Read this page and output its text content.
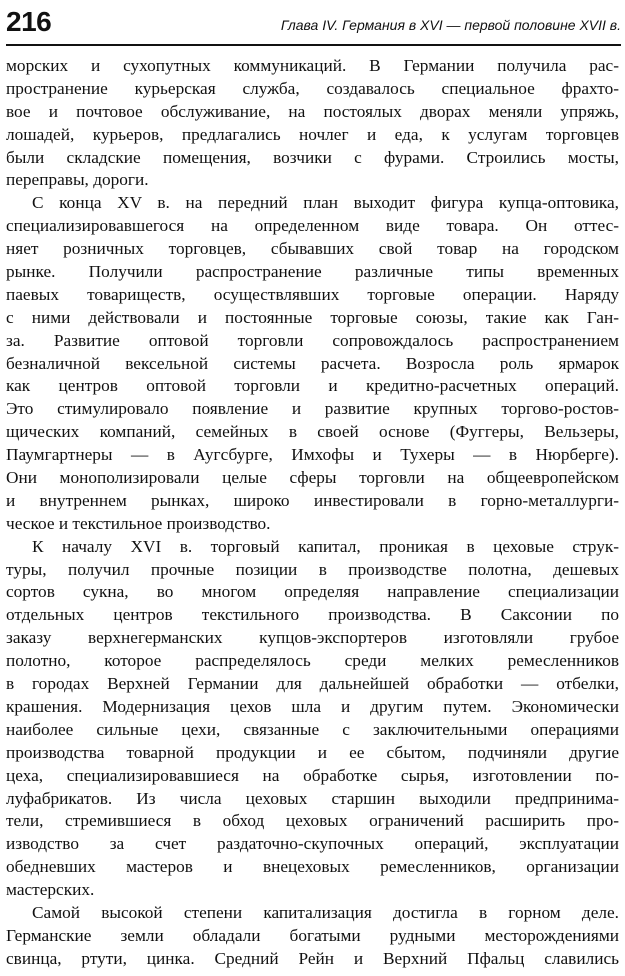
216	Глава IV. Германия в XVI — первой половине XVII в.
морских и сухопутных коммуникаций. В Германии получила рас-
пространение курьерская служба, создавалось специальное фрахто-
вое и почтовое обслуживание, на постоялых дворах меняли упряжь,
лошадей, курьеров, предлагались ночлег и еда, к услугам торговцев
были складские помещения, возчики с фурами. Строились мосты,
переправы, дороги.
С конца XV в. на передний план выходит фигура купца-оптовика,
специализировавшегося на определенном виде товара. Он оттес-
няет розничных торговцев, сбывавших свой товар на городском
рынке. Получили распространение различные типы временных
паевых товариществ, осуществлявших торговые операции. Наряду
с ними действовали и постоянные торговые союзы, такие как Ган-
за. Развитие оптовой торговли сопровождалось распространением
безналичной вексельной системы расчета. Возросла роль ярмарок
как центров оптовой торговли и кредитно-расчетных операций.
Это стимулировало появление и развитие крупных торгово-ростов-
щических компаний, семейных в своей основе (Фуггеры, Вельзеры,
Паумгартнеры — в Аугсбурге, Имхофы и Тухеры — в Нюрберге).
Они монополизировали целые сферы торговли на общеевропейском
и внутреннем рынках, широко инвестировали в горно-металлурги-
ческое и текстильное производство.
К началу XVI в. торговый капитал, проникая в цеховые струк-
туры, получил прочные позиции в производстве полотна, дешевых
сортов сукна, во многом определяя направление специализации
отдельных центров текстильного производства. В Саксонии по
заказу верхнегерманских купцов-экспортеров изготовляли грубое
полотно, которое распределялось среди мелких ремесленников
в городах Верхней Германии для дальнейшей обработки — отбелки,
крашения. Модернизация цехов шла и другим путем. Экономически
наиболее сильные цехи, связанные с заключительными операциями
производства товарной продукции и ее сбытом, подчиняли другие
цеха, специализировавшиеся на обработке сырья, изготовлении по-
луфабрикатов. Из числа цеховых старшин выходили предпринима-
тели, стремившиеся в обход цеховых ограничений расширить про-
изводство за счет раздаточно-скупочных операций, эксплуатации
обедневших мастеров и внецеховых ремесленников, организации
мастерских.
Самой высокой степени капитализация достигла в горном деле.
Германские земли обладали богатыми рудными месторождениями
свинца, ртути, цинка. Средний Рейн и Верхний Пфальц славились
